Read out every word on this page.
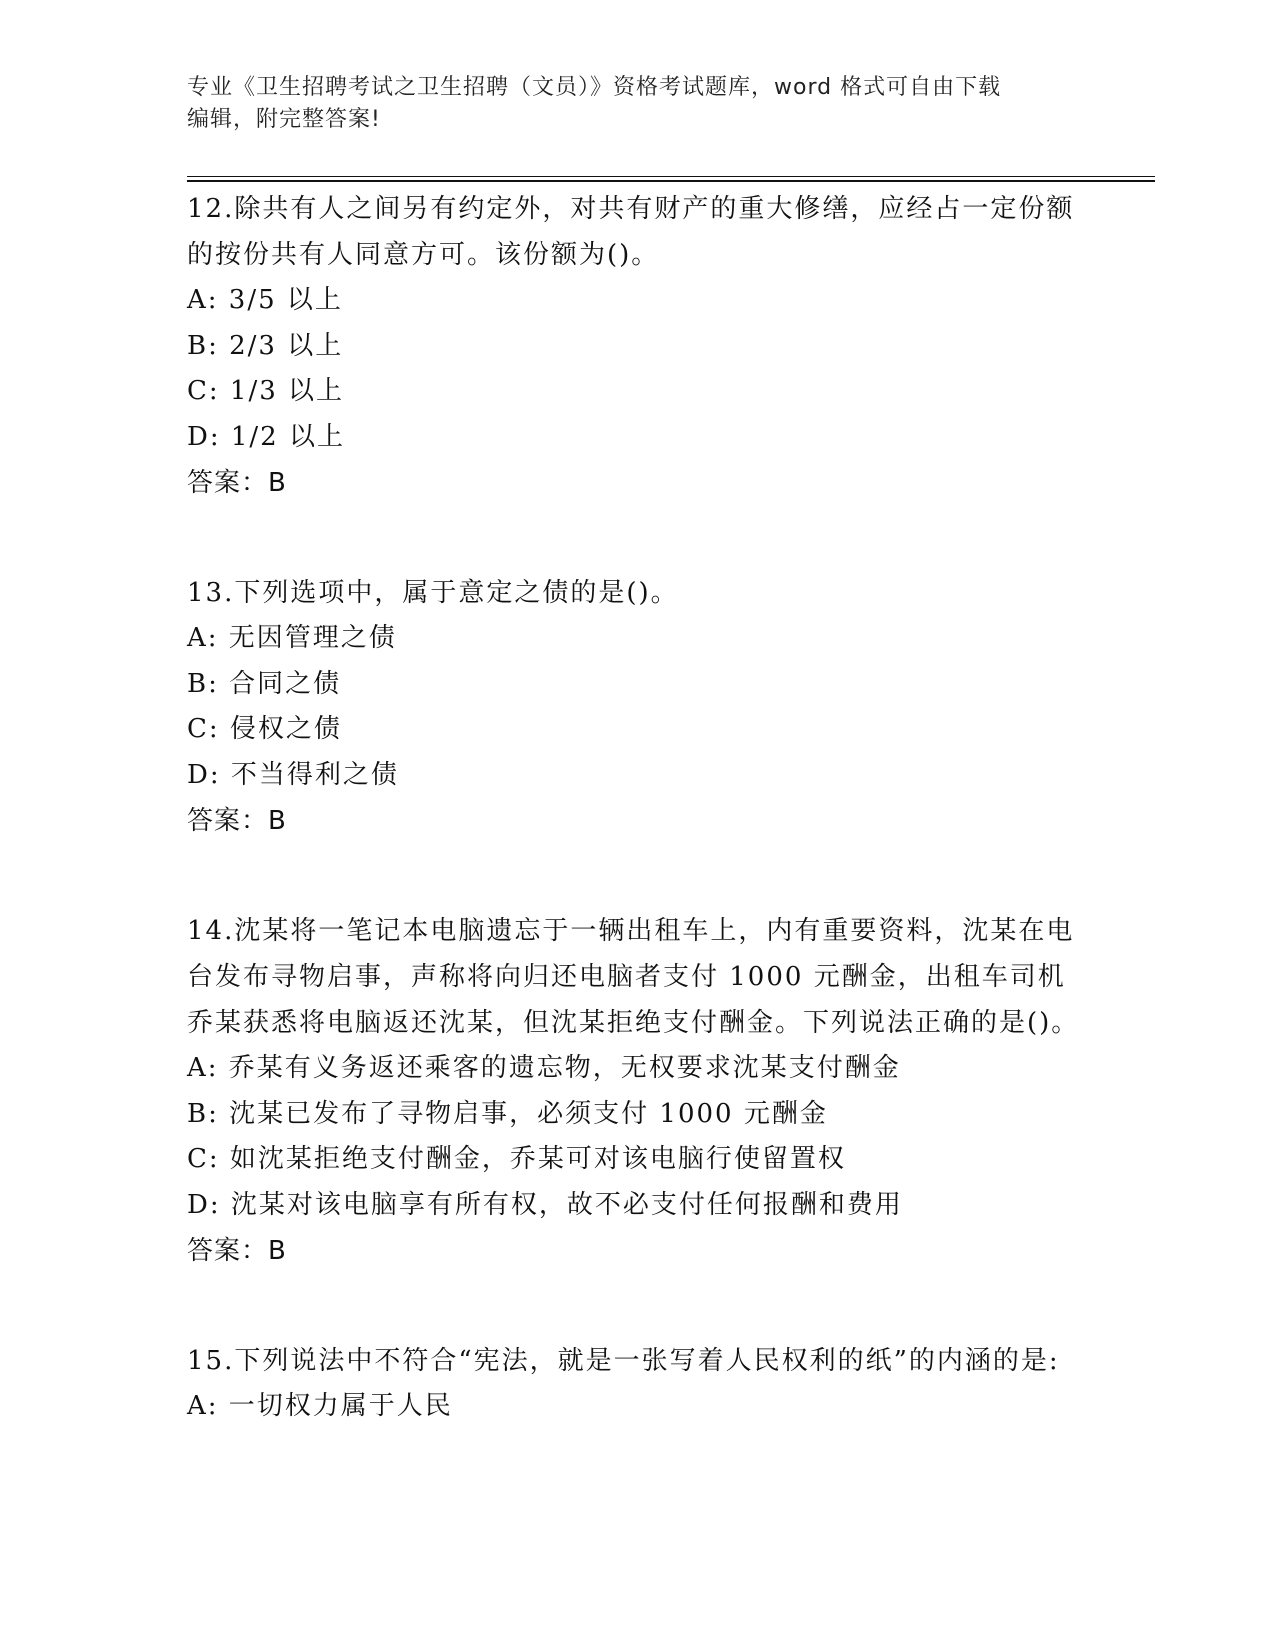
专业《卫生招聘考试之卫生招聘（文员）》资格考试题库，word 格式可自由下载
编辑，附完整答案!

12.除共有人之间另有约定外，对共有财产的重大修缮，应经占一定份额的按份共有人同意方可。该份额为()。

A: 3/5 以上

B: 2/3 以上

C: 1/3 以上

D: 1/2 以上

答案：B

13.下列选项中，属于意定之债的是()。

A: 无因管理之债

B: 合同之债

C: 侵权之债

D: 不当得利之债

答案：B

14.沈某将一笔记本电脑遗忘于一辆出租车上，内有重要资料，沈某在电台发布寻物启事，声称将向归还电脑者支付 1000 元酬金，出租车司机乔某获悉将电脑返还沈某，但沈某拒绝支付酬金。下列说法正确的是()。

A: 乔某有义务返还乘客的遗忘物，无权要求沈某支付酬金

B: 沈某已发布了寻物启事，必须支付 1000 元酬金

C: 如沈某拒绝支付酬金，乔某可对该电脑行使留置权

D: 沈某对该电脑享有所有权，故不必支付任何报酬和费用

答案：B

15.下列说法中不符合“宪法，就是一张写着人民权利的纸”的内涵的是:

A: 一切权力属于人民
